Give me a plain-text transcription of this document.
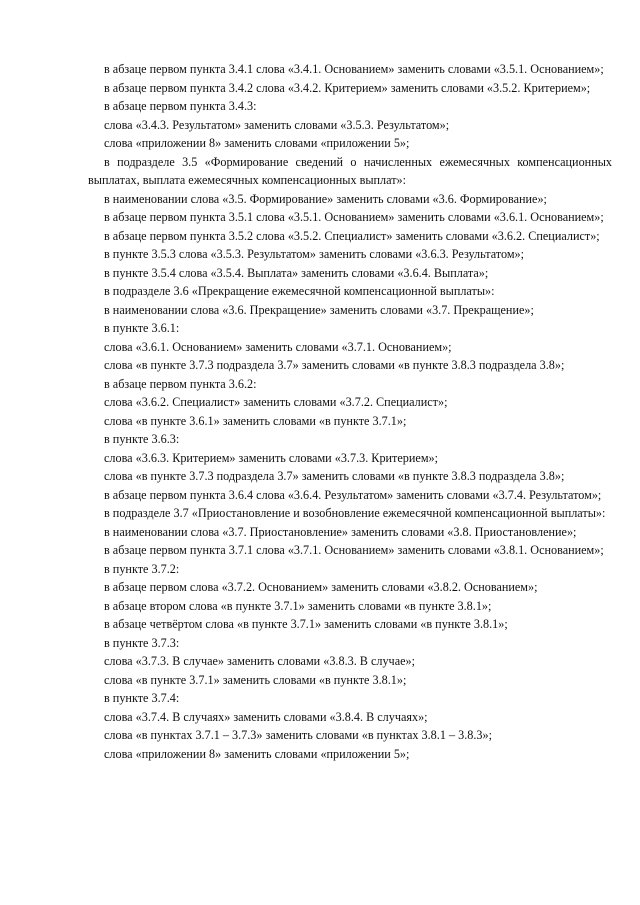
в абзаце первом пункта 3.4.1 слова «3.4.1. Основанием» заменить словами «3.5.1. Основанием»;

в абзаце первом пункта 3.4.2 слова «3.4.2. Критерием» заменить словами «3.5.2. Критерием»;

в абзаце первом пункта 3.4.3:

слова «3.4.3. Результатом» заменить словами «3.5.3. Результатом»;

слова «приложении 8» заменить словами «приложении 5»;

в подразделе 3.5 «Формирование сведений о начисленных ежемесячных компенсационных выплатах, выплата ежемесячных компенсационных выплат»:

в наименовании слова «3.5. Формирование» заменить словами «3.6. Формирование»;

в абзаце первом пункта 3.5.1 слова «3.5.1. Основанием» заменить словами «3.6.1. Основанием»;

в абзаце первом пункта 3.5.2 слова «3.5.2. Специалист» заменить словами «3.6.2. Специалист»;

в пункте 3.5.3 слова «3.5.3. Результатом» заменить словами «3.6.3. Результатом»;

в пункте 3.5.4 слова «3.5.4. Выплата» заменить словами «3.6.4. Выплата»;

в подразделе 3.6 «Прекращение ежемесячной компенсационной выплаты»:

в наименовании слова «3.6. Прекращение» заменить словами «3.7. Прекращение»;

в пункте 3.6.1:

слова «3.6.1. Основанием» заменить словами «3.7.1. Основанием»;

слова «в пункте 3.7.3 подраздела 3.7» заменить словами «в пункте 3.8.3 подраздела 3.8»;

в абзаце первом пункта 3.6.2:

слова «3.6.2. Специалист» заменить словами «3.7.2. Специалист»;

слова «в пункте 3.6.1» заменить словами «в пункте 3.7.1»;

в пункте 3.6.3:

слова «3.6.3. Критерием» заменить словами «3.7.3. Критерием»;

слова «в пункте 3.7.3 подраздела 3.7» заменить словами «в пункте 3.8.3 подраздела 3.8»;

в абзаце первом пункта 3.6.4 слова «3.6.4. Результатом» заменить словами «3.7.4. Результатом»;

в подразделе 3.7 «Приостановление и возобновление ежемесячной компенсационной выплаты»:

в наименовании слова «3.7. Приостановление» заменить словами «3.8. Приостановление»;

в абзаце первом пункта 3.7.1 слова «3.7.1. Основанием» заменить словами «3.8.1. Основанием»;

в пункте 3.7.2:

в абзаце первом слова «3.7.2. Основанием» заменить словами «3.8.2. Основанием»;

в абзаце втором слова «в пункте 3.7.1» заменить словами «в пункте 3.8.1»;

в абзаце четвёртом слова «в пункте 3.7.1» заменить словами «в пункте 3.8.1»;

в пункте 3.7.3:

слова «3.7.3. В случае» заменить словами «3.8.3. В случае»;

слова «в пункте 3.7.1» заменить словами «в пункте 3.8.1»;

в пункте 3.7.4:

слова «3.7.4. В случаях» заменить словами «3.8.4. В случаях»;

слова «в пунктах 3.7.1 – 3.7.3» заменить словами «в пунктах 3.8.1 – 3.8.3»;

слова «приложении 8» заменить словами «приложении 5»;
